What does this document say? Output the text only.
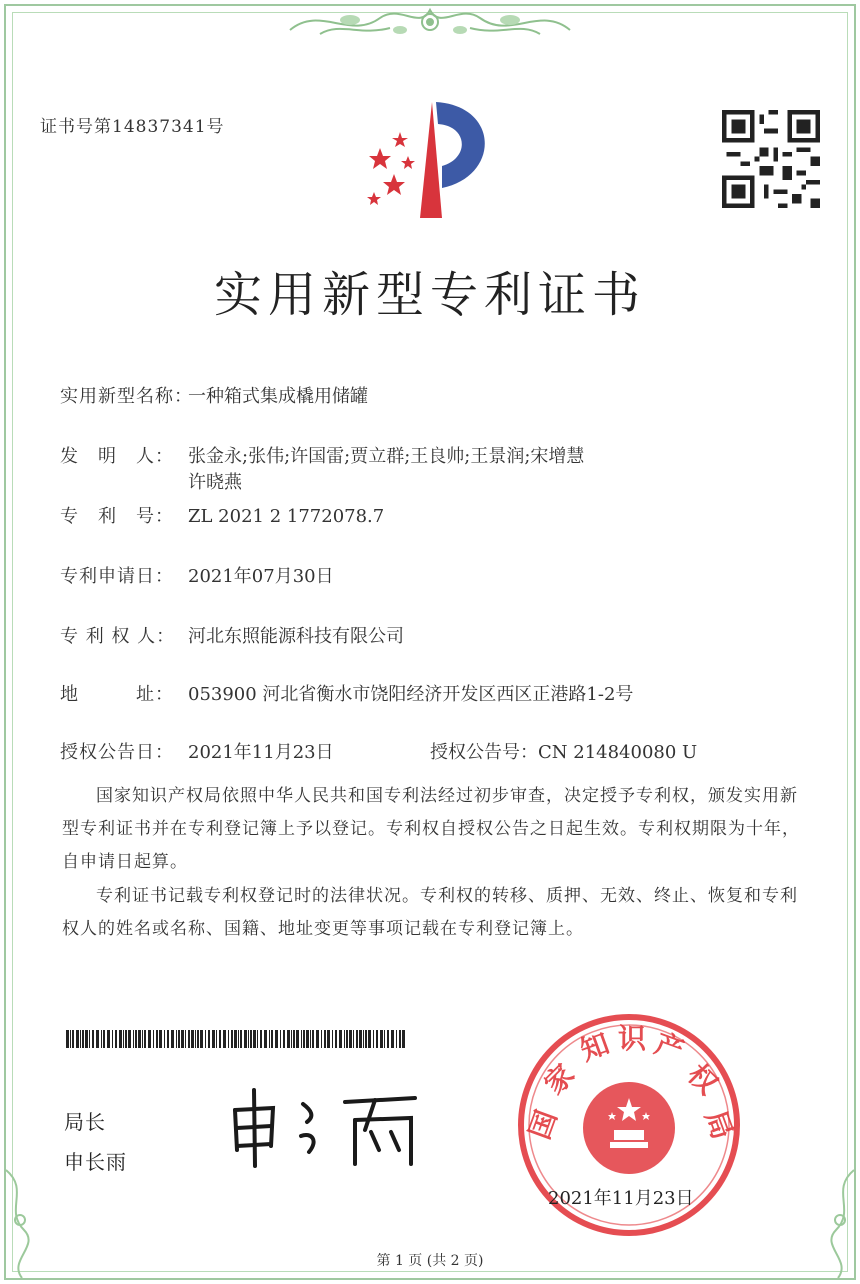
证书号第14837341号
实用新型专利证书
实用新型名称：一种箱式集成橇用储罐
发　明　人： 张金永;张伟;许国雷;贾立群;王良帅;王景润;宋增慧
许晓燕
专　利　号： ZL 2021 2 1772078.7
专利申请日： 2021年07月30日
专 利 权 人： 河北东照能源科技有限公司
地　　　址： 053900 河北省衡水市饶阳经济开发区西区正港路1-2号
授权公告日： 2021年11月23日	授权公告号：CN 214840080 U
国家知识产权局依照中华人民共和国专利法经过初步审查，决定授予专利权，颁发实用新型专利证书并在专利登记簿上予以登记。专利权自授权公告之日起生效。专利权期限为十年，自申请日起算。
专利证书记载专利权登记时的法律状况。专利权的转移、质押、无效、终止、恢复和专利权人的姓名或名称、国籍、地址变更等事项记载在专利登记簿上。
局长
申长雨
国
家
知 识 产
权
局
2021年11月23日
第 1 页 (共 2 页)
